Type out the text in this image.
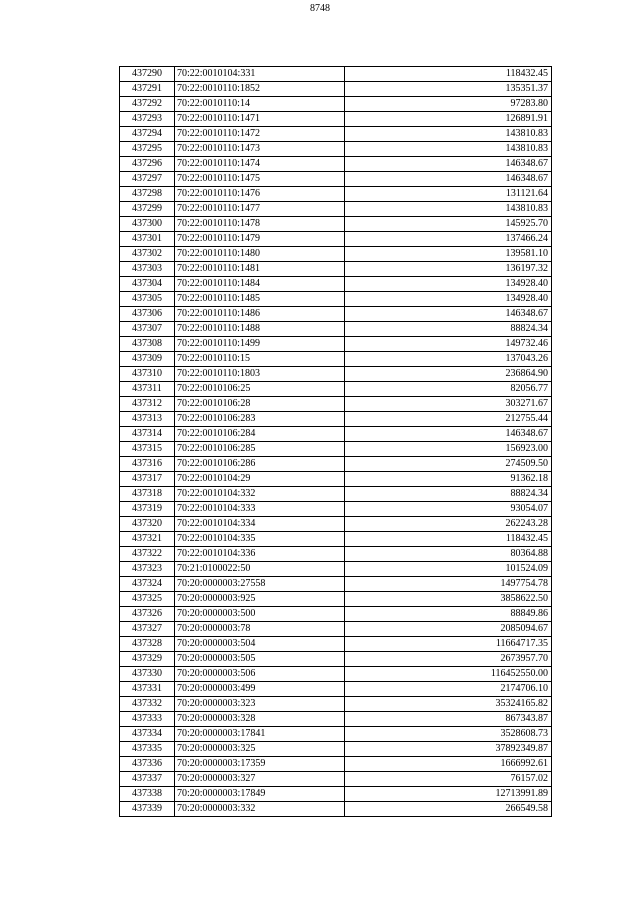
8748
437290	70:22:0010104:331	118432.45
437291	70:22:0010110:1852	135351.37
437292	70:22:0010110:14	97283.80
437293	70:22:0010110:1471	126891.91
437294	70:22:0010110:1472	143810.83
437295	70:22:0010110:1473	143810.83
437296	70:22:0010110:1474	146348.67
437297	70:22:0010110:1475	146348.67
437298	70:22:0010110:1476	131121.64
437299	70:22:0010110:1477	143810.83
437300	70:22:0010110:1478	145925.70
437301	70:22:0010110:1479	137466.24
437302	70:22:0010110:1480	139581.10
437303	70:22:0010110:1481	136197.32
437304	70:22:0010110:1484	134928.40
437305	70:22:0010110:1485	134928.40
437306	70:22:0010110:1486	146348.67
437307	70:22:0010110:1488	88824.34
437308	70:22:0010110:1499	149732.46
437309	70:22:0010110:15	137043.26
437310	70:22:0010110:1803	236864.90
437311	70:22:0010106:25	82056.77
437312	70:22:0010106:28	303271.67
437313	70:22:0010106:283	212755.44
437314	70:22:0010106:284	146348.67
437315	70:22:0010106:285	156923.00
437316	70:22:0010106:286	274509.50
437317	70:22:0010104:29	91362.18
437318	70:22:0010104:332	88824.34
437319	70:22:0010104:333	93054.07
437320	70:22:0010104:334	262243.28
437321	70:22:0010104:335	118432.45
437322	70:22:0010104:336	80364.88
437323	70:21:0100022:50	101524.09
437324	70:20:0000003:27558	1497754.78
437325	70:20:0000003:925	3858622.50
437326	70:20:0000003:500	88849.86
437327	70:20:0000003:78	2085094.67
437328	70:20:0000003:504	11664717.35
437329	70:20:0000003:505	2673957.70
437330	70:20:0000003:506	116452550.00
437331	70:20:0000003:499	2174706.10
437332	70:20:0000003:323	35324165.82
437333	70:20:0000003:328	867343.87
437334	70:20:0000003:17841	3528608.73
437335	70:20:0000003:325	37892349.87
437336	70:20:0000003:17359	1666992.61
437337	70:20:0000003:327	76157.02
437338	70:20:0000003:17849	12713991.89
437339	70:20:0000003:332	266549.58
